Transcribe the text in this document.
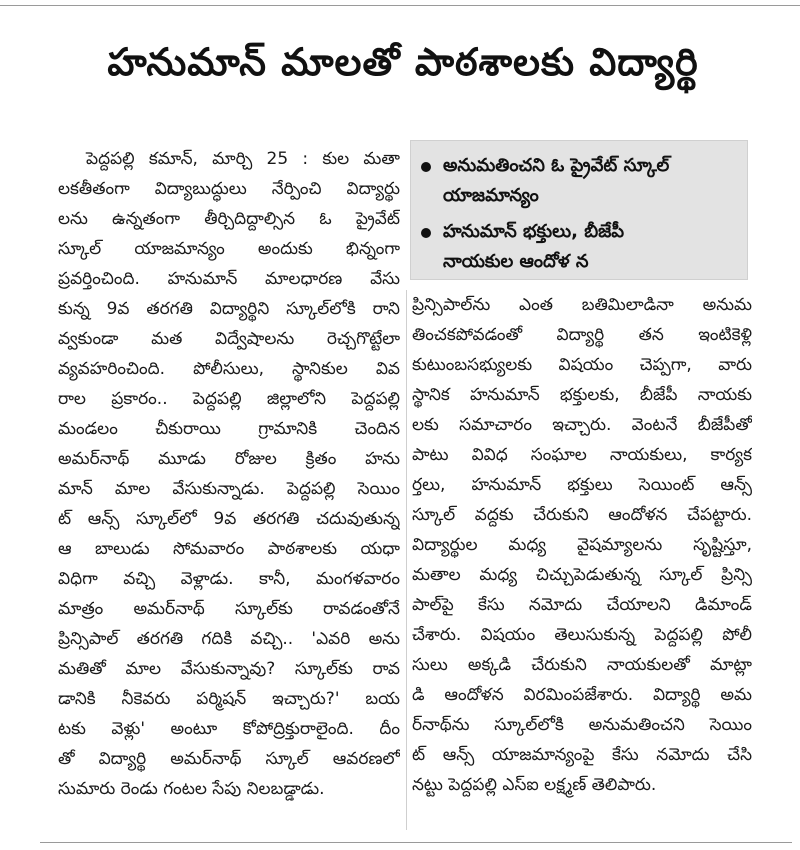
హనుమాన్ మాలతో పాఠశాలకు విద్యార్థి
అనుమతించని ఓ ప్రైవేట్ స్కూల్
యాజమాన్యం
హనుమాన్ భక్తులు, బీజేపీ
నాయకుల ఆందోళ న
పెద్దపల్లి కమాన్, మార్చి 25 : కుల మతా
లకతీతంగా విద్యాబుద్ధులు నేర్పించి విద్యార్థు
లను ఉన్నతంగా తీర్చిదిద్దాల్సిన ఓ ప్రైవేట్
స్కూల్ యాజమాన్యం అందుకు భిన్నంగా
ప్రవర్తించింది. హనుమాన్ మాలధారణ వేసు
కున్న 9వ తరగతి విద్యార్థిని స్కూల్‌లోకి రాని
వ్వకుండా మత విద్వేషాలను రెచ్చగొట్టేలా
వ్యవహరించింది. పోలీసులు, స్థానికుల వివ
రాల ప్రకారం.. పెద్దపల్లి జిల్లాలోని పెద్దపల్లి
మండలం చీకురాయి గ్రామానికి చెందిన
అమర్‌నాథ్ మూడు రోజుల క్రితం హను
మాన్ మాల వేసుకున్నాడు. పెద్దపల్లి సెయిం
ట్ ఆన్స్ స్కూల్‌లో 9వ తరగతి చదువుతున్న
ఆ బాలుడు సోమవారం పాఠశాలకు యధా
విధిగా వచ్చి వెళ్లాడు. కానీ, మంగళవారం
మాత్రం అమర్‌నాథ్ స్కూల్‌కు రావడంతోనే
ప్రిన్సిపాల్ తరగతి గదికి వచ్చి.. 'ఎవరి అను
మతితో మాల వేసుకున్నావు? స్కూల్‌కు రావ
డానికి నీకెవరు పర్మిషన్ ఇచ్చారు?' బయ
టకు వెళ్లు' అంటూ కోపోద్రిక్తురాలైంది. దీం
తో విద్యార్థి అమర్‌నాథ్ స్కూల్ ఆవరణలో
సుమారు రెండు గంటల సేపు నిలబడ్డాడు.
ప్రిన్సిపాల్‌ను ఎంత బతిమిలాడినా అనుమ
తించకపోవడంతో విద్యార్థి తన ఇంటికెళ్లి
కుటుంబసభ్యులకు విషయం చెప్పగా, వారు
స్థానిక హనుమాన్ భక్తులకు, బీజేపీ నాయకు
లకు సమాచారం ఇచ్చారు. వెంటనే బీజేపీతో
పాటు వివిధ సంఘాల నాయకులు, కార్యక
ర్తలు, హనుమాన్ భక్తులు సెయింట్ ఆన్స్
స్కూల్ వద్దకు చేరుకుని ఆందోళన చేపట్టారు.
విద్యార్థుల మధ్య వైషమ్యాలను సృష్టిస్తూ,
మతాల మధ్య చిచ్చుపెడుతున్న స్కూల్ ప్రిన్సి
పాల్‌పై కేసు నమోదు చేయాలని డిమాండ్
చేశారు. విషయం తెలుసుకున్న పెద్దపల్లి పోలీ
సులు అక్కడి చేరుకుని నాయకులతో మాట్లా
డి ఆందోళన విరమింపజేశారు. విద్యార్థి అమ
ర్‌నాథ్‌ను స్కూల్‌లోకి అనుమతించని సెయిం
ట్ ఆన్స్ యాజమాన్యంపై కేసు నమోదు చేసి
నట్టు పెద్దపల్లి ఎస్ఐ లక్ష్మణ్ తెలిపారు.
